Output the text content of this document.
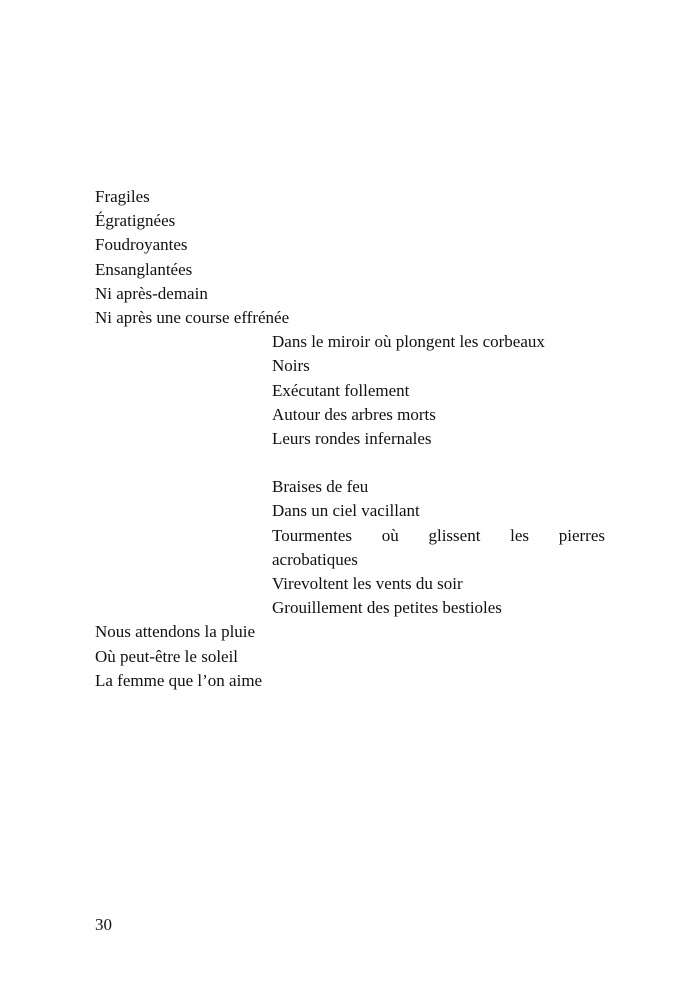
Fragiles
Égratignées
Foudroyantes
Ensanglantées
Ni après-demain
Ni après une course effrénée
Dans le miroir où plongent les corbeaux
Noirs
Exécutant follement
Autour des arbres morts
Leurs rondes infernales
Braises de feu
Dans un ciel vacillant
Tourmentes où glissent les pierres
acrobatiques
Virevoltent les vents du soir
Grouillement des petites bestioles
Nous attendons la pluie
Où peut-être le soleil
La femme que l’on aime
30
